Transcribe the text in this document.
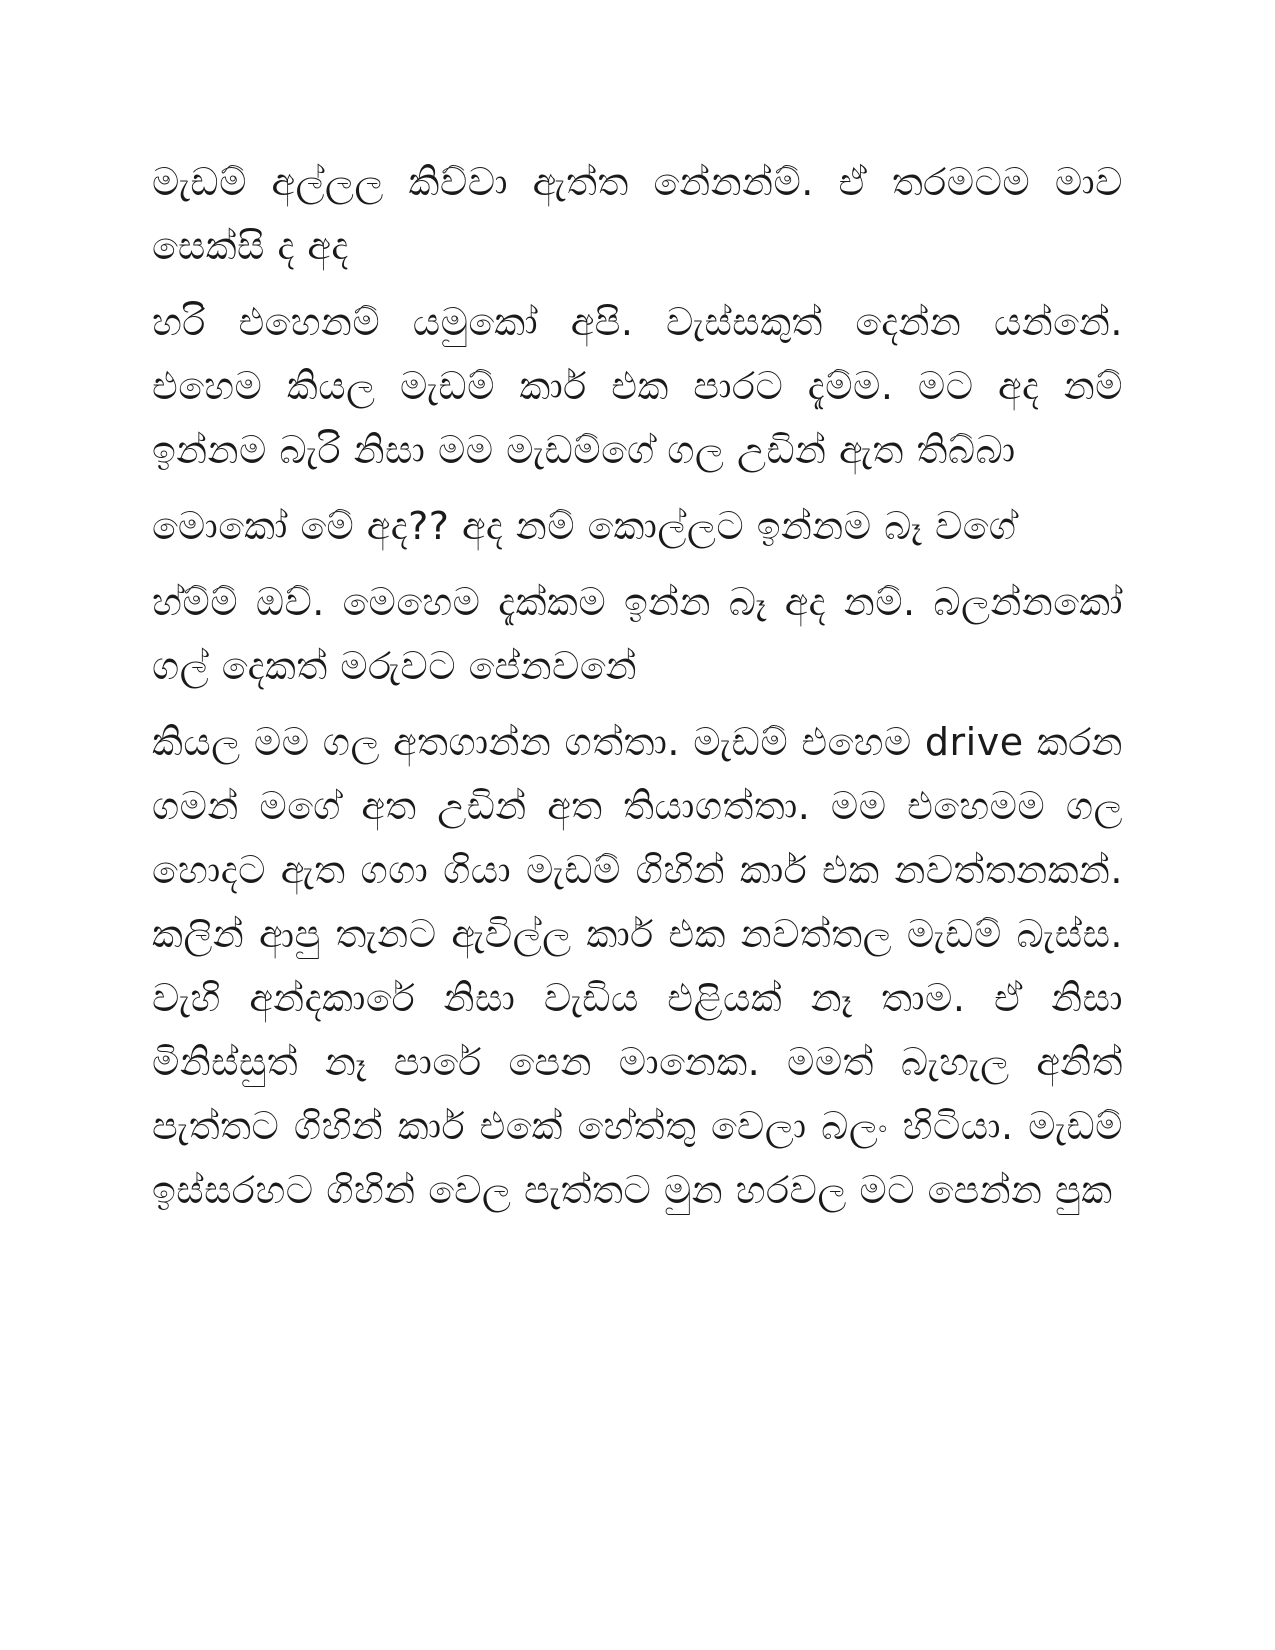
මැඩම් අල්ලල කිව්වා ඇත්ත නේනන්ම්. ඒ තරමටම මාව සෙක්සි ද අද

හරි එහෙනම් යමුකෝ අපි. වැස්සකුත් දෙන්න යන්නේ. එහෙම කියල මැඩම් කාර් එක පාරට දැම්ම. මට අද නම් ඉන්නම බැරි නිසා මම මැඩම්ගේ ගල උඩින් ඇත තිබ්බා

මොකෝ මේ අද?? අද නම් කොල්ලට ඉන්නම බෑ වගේ

හ්ම්ම් ඔව්. මෙහෙම දැක්කම ඉන්න බෑ අද නම්. බලන්නකෝ ගල් දෙකත් මරුවට පේනවනේ

කියල මම ගල අතගාන්න ගත්තා. මැඩම් එහෙම drive කරන ගමන් මගේ අත උඩින් අත තියාගත්තා. මම එහෙමම ගල හොදට ඇත ගගා ගියා මැඩම් ගිහින් කාර් එක නවත්තනකන්. කලින් ආපු තැනට ඇවිල්ල කාර් එක නවත්තල මැඩම් බැස්ස. වැහි අන්දකාරේ නිසා වැඩිය එළියක් නෑ තාම. ඒ නිසා මිනිස්සුත් නෑ පාරේ පෙන මානෙක. මමත් බැහැල අනිත් පැත්තට ගිහින් කාර් එකේ හේත්තු වෙලා බලං හිටියා. මැඩම් ඉස්සරහට ගිහින් වෙල පැත්තට මුන හරවල මට පෙන්න පුක
